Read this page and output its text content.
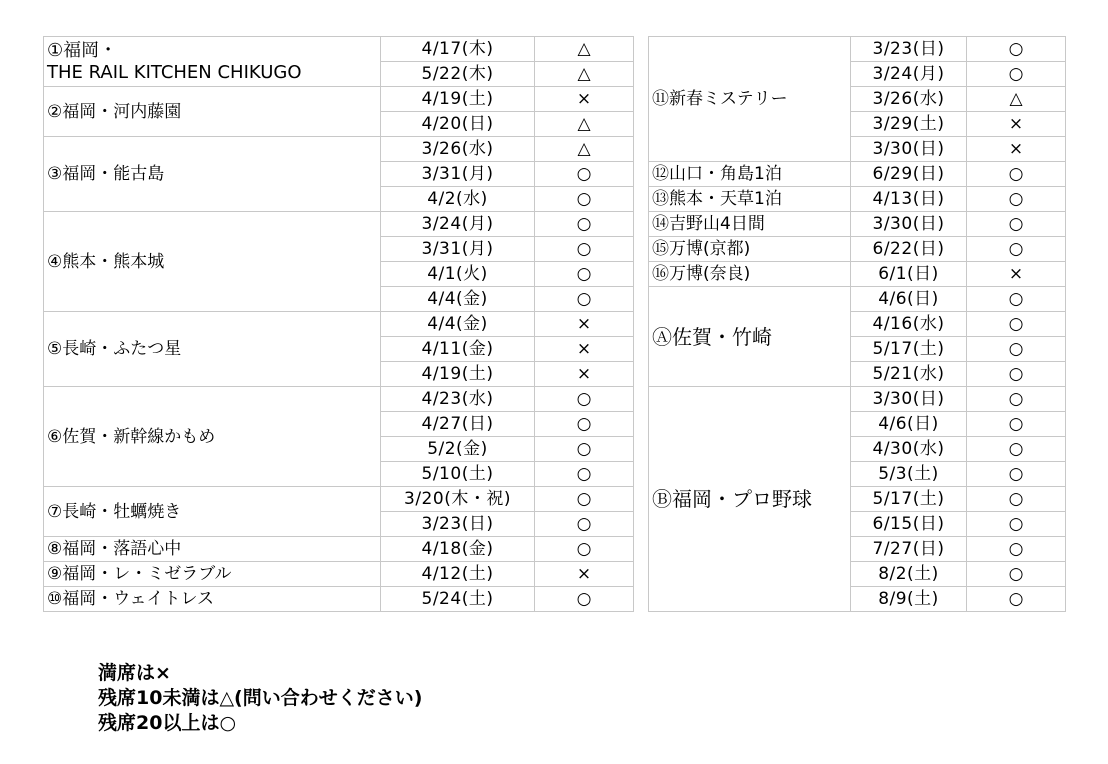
①福岡・
THE RAIL KITCHEN CHIKUGO	4/17(木)	△
	5/22(木)	△
②福岡・河内藤園	4/19(土)	×
	4/20(日)	△
③福岡・能古島	3/26(水)	△
	3/31(月)	○
	4/2(水)	○
④熊本・熊本城	3/24(月)	○
	3/31(月)	○
	4/1(火)	○
	4/4(金)	○
⑤長崎・ふたつ星	4/4(金)	×
	4/11(金)	×
	4/19(土)	×
⑥佐賀・新幹線かもめ	4/23(水)	○
	4/27(日)	○
	5/2(金)	○
	5/10(土)	○
⑦長崎・牡蠣焼き	3/20(木・祝)	○
	3/23(日)	○
⑧福岡・落語心中	4/18(金)	○
⑨福岡・レ・ミゼラブル	4/12(土)	×
⑩福岡・ウェイトレス	5/24(土)	○
⑪新春ミステリー	3/23(日)	○
	3/24(月)	○
	3/26(水)	△
	3/29(土)	×
	3/30(日)	×
⑫山口・角島1泊	6/29(日)	○
⑬熊本・天草1泊	4/13(日)	○
⑭吉野山4日間	3/30(日)	○
⑮万博(京都)	6/22(日)	○
⑯万博(奈良)	6/1(日)	×
Ⓐ佐賀・竹崎	4/6(日)	○
	4/16(水)	○
	5/17(土)	○
	5/21(水)	○
Ⓑ福岡・プロ野球	3/30(日)	○
	4/6(日)	○
	4/30(水)	○
	5/3(土)	○
	5/17(土)	○
	6/15(日)	○
	7/27(日)	○
	8/2(土)	○
	8/9(土)	○
満席は×
残席10未満は△(問い合わせください)
残席20以上は○
